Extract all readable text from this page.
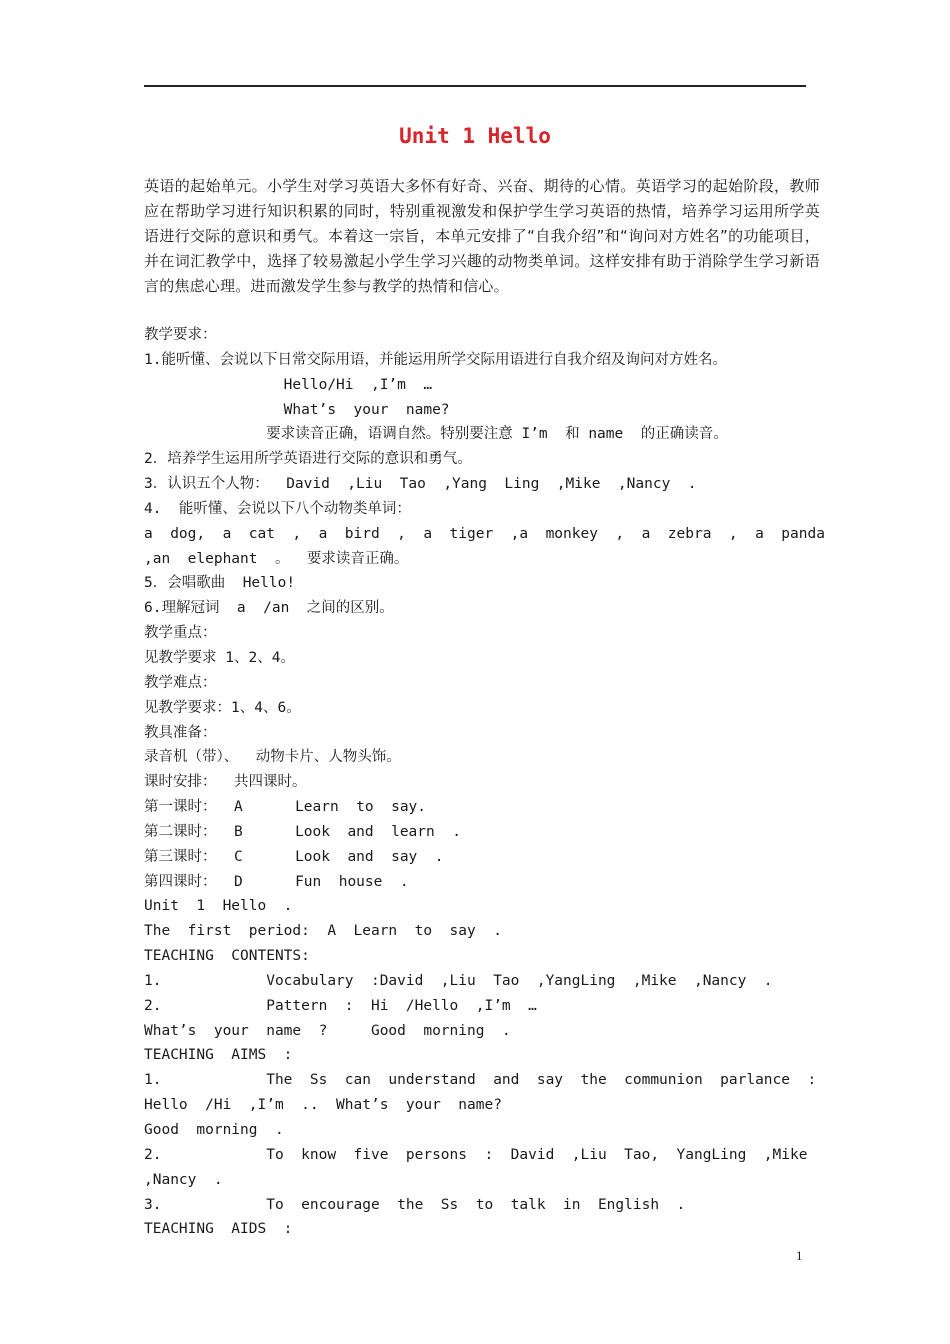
Unit 1 Hello
英语的起始单元。小学生对学习英语大多怀有好奇、兴奋、期待的心情。英语学习的起始阶段，教师应在帮助学习进行知识积累的同时，特别重视激发和保护学生学习英语的热情，培养学习运用所学英语进行交际的意识和勇气。本着这一宗旨，本单元安排了“自我介绍”和“询问对方姓名”的功能项目，并在词汇教学中，选择了较易激起小学生学习兴趣的动物类单词。这样安排有助于消除学生学习新语言的焦虑心理。进而激发学生参与教学的热情和信心。
教学要求：
1.能听懂、会说以下日常交际用语，并能运用所学交际用语进行自我介绍及询问对方姓名。
Hello/Hi  ,I’m  …
What’s  your  name?
要求读音正确，语调自然。特别要注意 I’m  和 name  的正确读音。
2．培养学生运用所学英语进行交际的意识和勇气。
3．认识五个人物：  David  ,Liu  Tao  ,Yang  Ling  ,Mike  ,Nancy  .
4.  能听懂、会说以下八个动物类单词：
a  dog,  a  cat  ,  a  bird  ,  a  tiger  ,a  monkey  ,  a  zebra  ,  a  panda
,an  elephant  。  要求读音正确。
5．会唱歌曲  Hello!
6.理解冠词  a  /an  之间的区别。
教学重点：
见教学要求 1、2、4。
教学难点：
见教学要求：1、4、6。
教具准备：
录音机（带）、  动物卡片、人物头饰。
课时安排：  共四课时。
第一课时：  A      Learn  to  say.
第二课时：  B      Look  and  learn  .
第三课时：  C      Look  and  say  .
第四课时：  D      Fun  house  .
Unit  1  Hello  .
The  first  period:  A  Learn  to  say  .
TEACHING  CONTENTS:
1.            Vocabulary  :David  ,Liu  Tao  ,YangLing  ,Mike  ,Nancy  .
2.            Pattern  :  Hi  /Hello  ,I’m  …
What’s  your  name  ?     Good  morning  .
TEACHING  AIMS  :
1.            The  Ss  can  understand  and  say  the  communion  parlance  :
Hello  /Hi  ,I’m  ..  What’s  your  name?
Good  morning  .
2.            To  know  five  persons  :  David  ,Liu  Tao,  YangLing  ,Mike
,Nancy  .
3.            To  encourage  the  Ss  to  talk  in  English  .
TEACHING  AIDS  :
1
